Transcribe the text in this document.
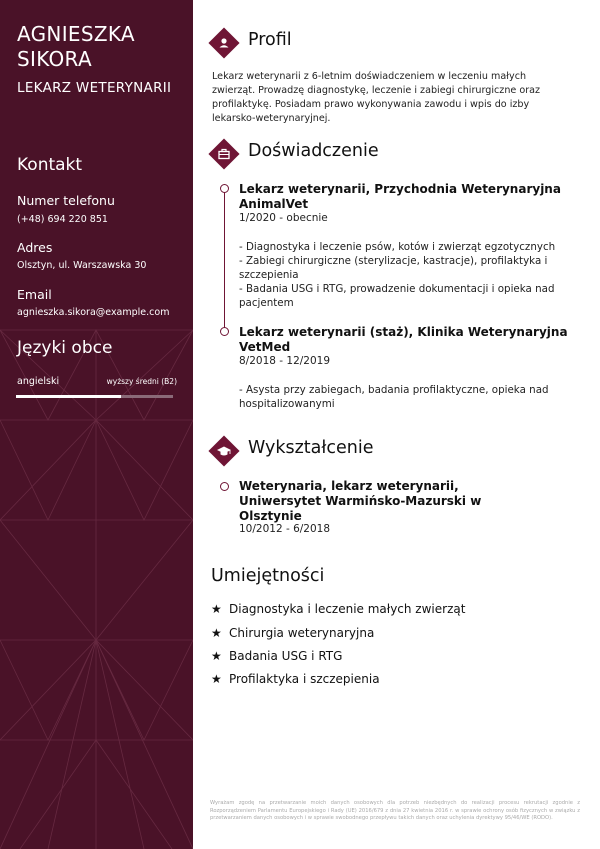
AGNIESZKA
SIKORA
LEKARZ WETERYNARII
Kontakt
Numer telefonu
(+48) 694 220 851
Adres
Olsztyn, ul. Warszawska 30
Email
agnieszka.sikora@example.com
Języki obce
angielski	wyższy średni (B2)
Profil
Lekarz weterynarii z 6-letnim doświadczeniem w leczeniu małych zwierząt. Prowadzę diagnostykę, leczenie i zabiegi chirurgiczne oraz profilaktykę. Posiadam prawo wykonywania zawodu i wpis do izby lekarsko-weterynaryjnej.
Doświadczenie
Lekarz weterynarii, Przychodnia Weterynaryjna AnimalVet
1/2020 - obecnie
- Diagnostyka i leczenie psów, kotów i zwierząt egzotycznych
- Zabiegi chirurgiczne (sterylizacje, kastracje), profilaktyka i szczepienia
- Badania USG i RTG, prowadzenie dokumentacji i opieka nad pacjentem
Lekarz weterynarii (staż), Klinika Weterynaryjna VetMed
8/2018 - 12/2019
- Asysta przy zabiegach, badania profilaktyczne, opieka nad hospitalizowanymi
Wykształcenie
Weterynaria, lekarz weterynarii, Uniwersytet Warmińsko-Mazurski w Olsztynie
10/2012 - 6/2018
Umiejętności
★ Diagnostyka i leczenie małych zwierząt
★ Chirurgia weterynaryjna
★ Badania USG i RTG
★ Profilaktyka i szczepienia
Wyrażam zgodę na przetwarzanie moich danych osobowych dla potrzeb niezbędnych do realizacji procesu rekrutacji zgodnie z Rozporządzeniem Parlamentu Europejskiego i Rady (UE) 2016/679 z dnia 27 kwietnia 2016 r. w sprawie ochrony osób fizycznych w związku z przetwarzaniem danych osobowych i w sprawie swobodnego przepływu takich danych oraz uchylenia dyrektywy 95/46/WE (RODO).
